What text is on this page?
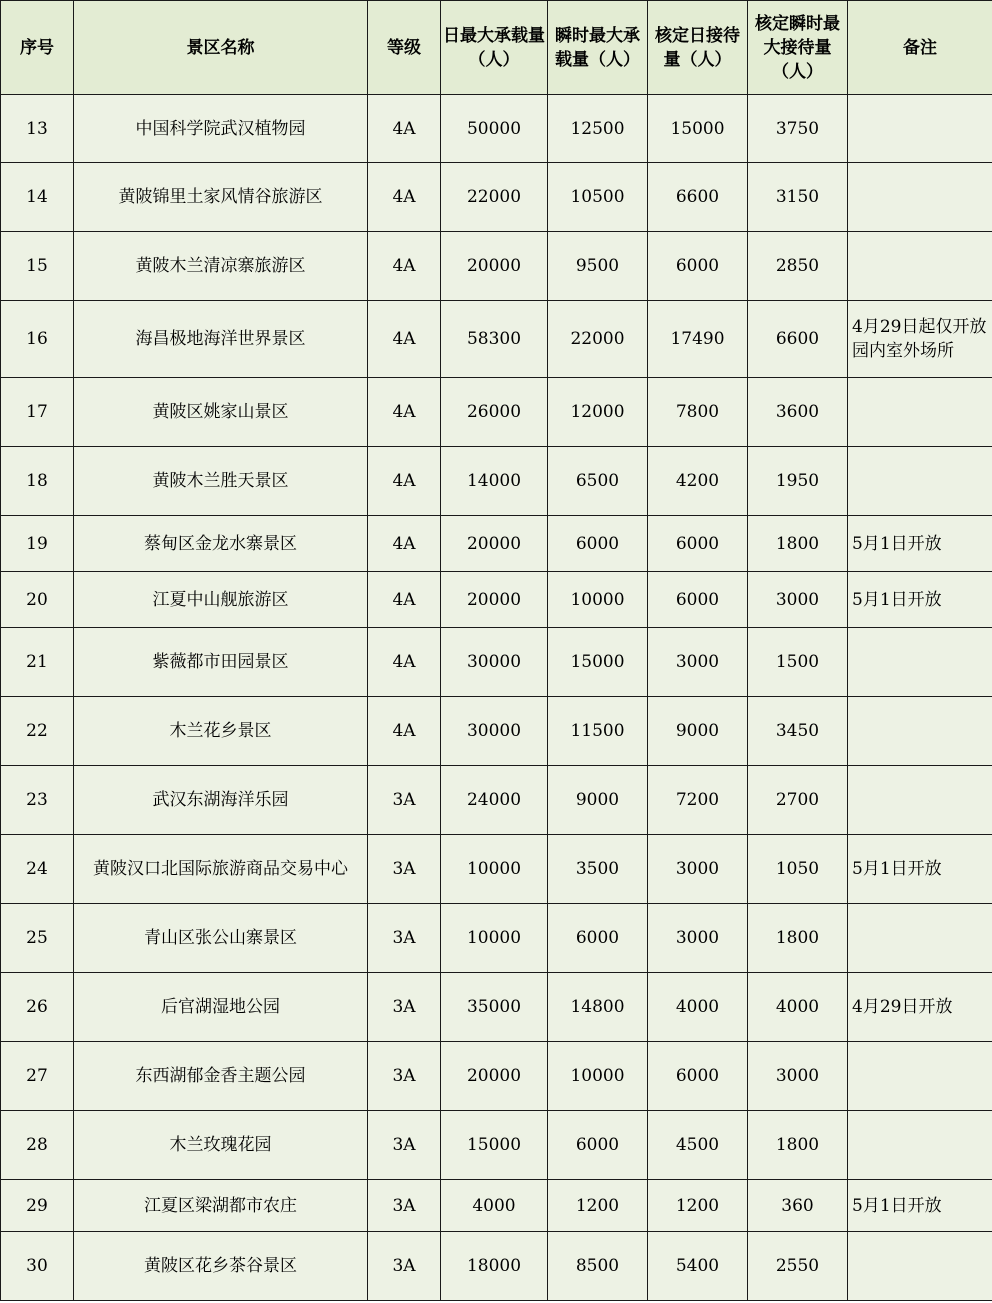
序号	景区名称	等级	日最大承载量（人）	瞬时最大承载量（人）	核定日接待量（人）	核定瞬时最大接待量（人）	备注
13	中国科学院武汉植物园	4A	50000	12500	15000	3750	
14	黄陂锦里土家风情谷旅游区	4A	22000	10500	6600	3150	
15	黄陂木兰清凉寨旅游区	4A	20000	9500	6000	2850	
16	海昌极地海洋世界景区	4A	58300	22000	17490	6600	4月29日起仅开放园内室外场所
17	黄陂区姚家山景区	4A	26000	12000	7800	3600	
18	黄陂木兰胜天景区	4A	14000	6500	4200	1950	
19	蔡甸区金龙水寨景区	4A	20000	6000	6000	1800	5月1日开放
20	江夏中山舰旅游区	4A	20000	10000	6000	3000	5月1日开放
21	紫薇都市田园景区	4A	30000	15000	3000	1500	
22	木兰花乡景区	4A	30000	11500	9000	3450	
23	武汉东湖海洋乐园	3A	24000	9000	7200	2700	
24	黄陂汉口北国际旅游商品交易中心	3A	10000	3500	3000	1050	5月1日开放
25	青山区张公山寨景区	3A	10000	6000	3000	1800	
26	后官湖湿地公园	3A	35000	14800	4000	4000	4月29日开放
27	东西湖郁金香主题公园	3A	20000	10000	6000	3000	
28	木兰玫瑰花园	3A	15000	6000	4500	1800	
29	江夏区梁湖都市农庄	3A	4000	1200	1200	360	5月1日开放
30	黄陂区花乡茶谷景区	3A	18000	8500	5400	2550	
